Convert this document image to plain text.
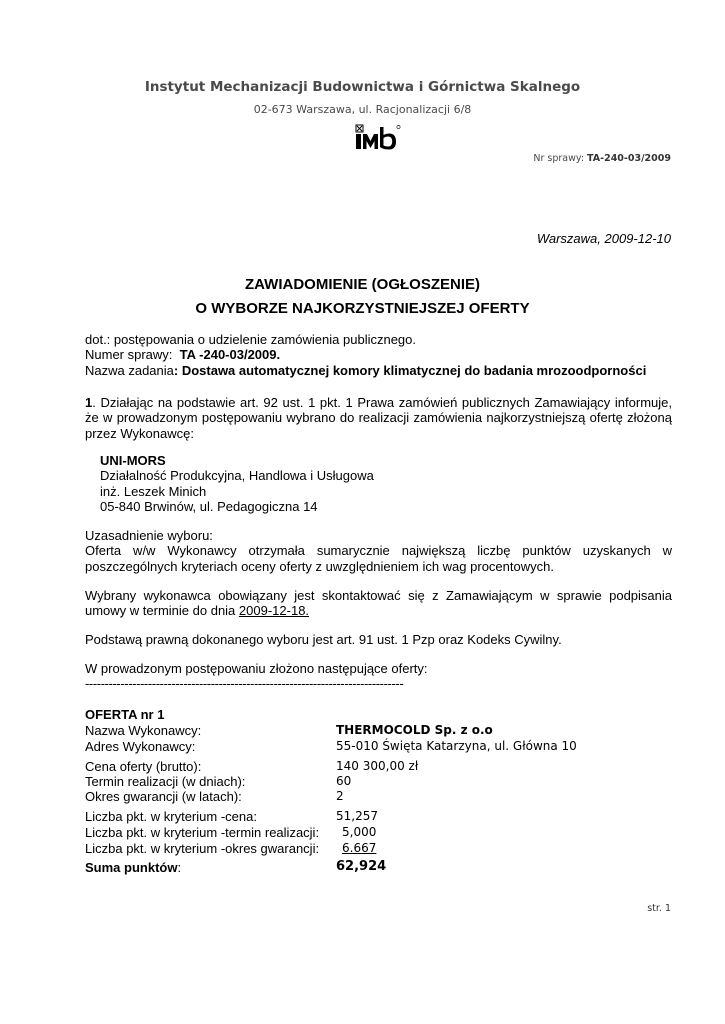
Instytut Mechanizacji Budownictwa i Górnictwa Skalnego
02-673 Warszawa, ul. Racjonalizacji 6/8
Nr sprawy: TA-240-03/2009
Warszawa, 2009-12-10
ZAWIADOMIENIE (OGŁOSZENIE)
O WYBORZE NAJKORZYSTNIEJSZEJ OFERTY
dot.: postępowania o udzielenie zamówienia publicznego.
Numer sprawy: TA -240-03/2009.
Nazwa zadania: Dostawa automatycznej komory klimatycznej do badania mrozoodporności
1. Działając na podstawie art. 92 ust. 1 pkt. 1 Prawa zamówień publicznych Zamawiający informuje,
że w prowadzonym postępowaniu wybrano do realizacji zamówienia najkorzystniejszą ofertę złożoną
przez Wykonawcę:
UNI-MORS
Działalność Produkcyjna, Handlowa i Usługowa
inż. Leszek Minich
05-840 Brwinów, ul. Pedagogiczna 14
Uzasadnienie wyboru:
Oferta w/w Wykonawcy otrzymała sumarycznie największą liczbę punktów uzyskanych w
poszczególnych kryteriach oceny oferty z uwzględnieniem ich wag procentowych.
Wybrany wykonawca obowiązany jest skontaktować się z Zamawiającym w sprawie podpisania
umowy w terminie do dnia 2009-12-18.
Podstawą prawną dokonanego wyboru jest art. 91 ust. 1 Pzp oraz Kodeks Cywilny.
W prowadzonym postępowaniu złożono następujące oferty:
---------------------------------------------------------------------------------
OFERTA nr 1
Nazwa Wykonawcy:	THERMOCOLD Sp. z o.o
Adres Wykonawcy:	55-010 Święta Katarzyna, ul. Główna 10
Cena oferty (brutto):	140 300,00 zł
Termin realizacji (w dniach):	60
Okres gwarancji (w latach):	2
Liczba pkt. w kryterium -cena:	51,257
Liczba pkt. w kryterium -termin realizacji: 5,000
Liczba pkt. w kryterium -okres gwarancji: 6.667
Suma punktów:	62,924
str. 1
